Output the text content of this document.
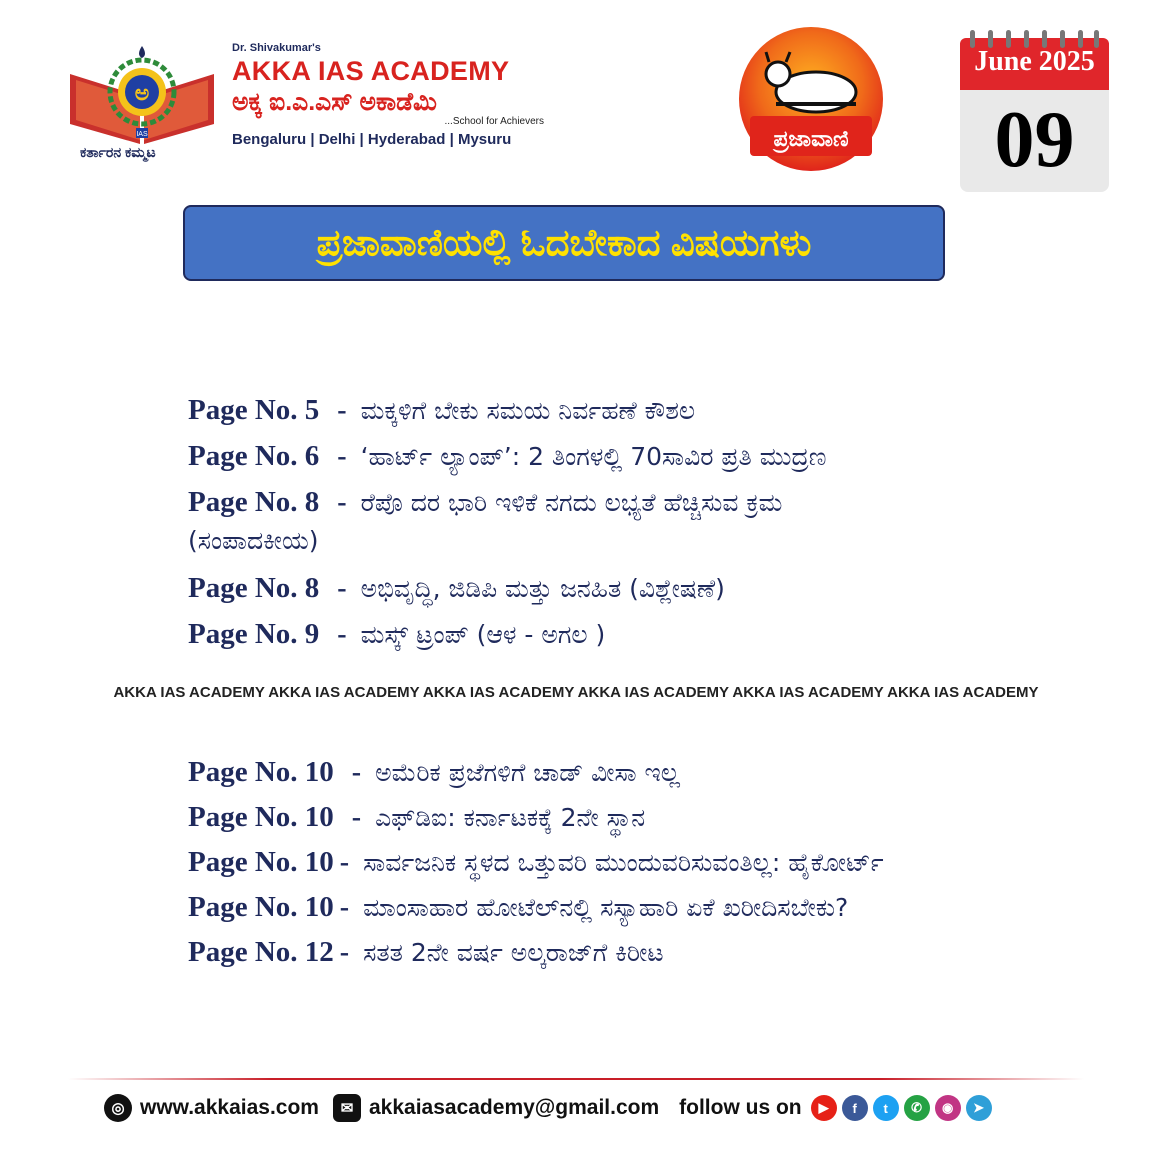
ಅ
IAS
ಕರ್ತಾರನ ಕಮ್ಮಟ
Dr. Shivakumar's
AKKA IAS ACADEMY
ಅಕ್ಕ ಐ.ಎ.ಎಸ್ ಅಕಾಡೆಮಿ
...School for Achievers
Bengaluru | Delhi | Hyderabad | Mysuru	ಪ್ರಜಾವಾಣಿ
June 2025
09
ಪ್ರಜಾವಾಣಿಯಲ್ಲಿ ಓದಬೇಕಾದ ವಿಷಯಗಳು
Page No. 5 - ಮಕ್ಕಳಿಗೆ ಬೇಕು ಸಮಯ ನಿರ್ವಹಣೆ ಕೌಶಲ
Page No. 6 - ‘ಹಾರ್ಟ್ ಲ್ಯಾಂಪ್’: 2 ತಿಂಗಳಲ್ಲಿ 70ಸಾವಿರ ಪ್ರತಿ ಮುದ್ರಣ
Page No. 8 - ರೆಪೊ ದರ ಭಾರಿ ಇಳಿಕೆ ನಗದು ಲಭ್ಯತೆ ಹೆಚ್ಚಿಸುವ ಕ್ರಮ
(ಸಂಪಾದಕೀಯ)
Page No. 8 - ಅಭಿವೃದ್ಧಿ, ಜಿಡಿಪಿ ಮತ್ತು ಜನಹಿತ (ವಿಶ್ಲೇಷಣೆ)
Page No. 9 - ಮಸ್ಕ್ ಟ್ರಂಪ್ (ಆಳ - ಅಗಲ )
AKKA IAS ACADEMY AKKA IAS ACADEMY AKKA IAS ACADEMY AKKA IAS ACADEMY AKKA IAS ACADEMY AKKA IAS ACADEMY
Page No. 10 - ಅಮೆರಿಕ ಪ್ರಜೆಗಳಿಗೆ ಚಾಡ್ ವೀಸಾ ಇಲ್ಲ
Page No. 10 - ಎಫ್‌ಡಿಐ: ಕರ್ನಾಟಕಕ್ಕೆ 2ನೇ ಸ್ಥಾನ
Page No. 10 - ಸಾರ್ವಜನಿಕ ಸ್ಥಳದ ಒತ್ತುವರಿ ಮುಂದುವರಿಸುವಂತಿಲ್ಲ: ಹೈಕೋರ್ಟ್
Page No. 10 - ಮಾಂಸಾಹಾರ ಹೋಟೆಲ್‌ನಲ್ಲಿ ಸಸ್ಯಾಹಾರಿ ಏಕೆ ಖರೀದಿಸಬೇಕು?
Page No. 12 - ಸತತ 2ನೇ ವರ್ಷ ಅಲ್ಕರಾಜ್‌ಗೆ ಕಿರೀಟ
◎ www.akkaias.com	✉ akkaiasacademy@gmail.com follow us on	▶	f	t	✆	◉	➤
